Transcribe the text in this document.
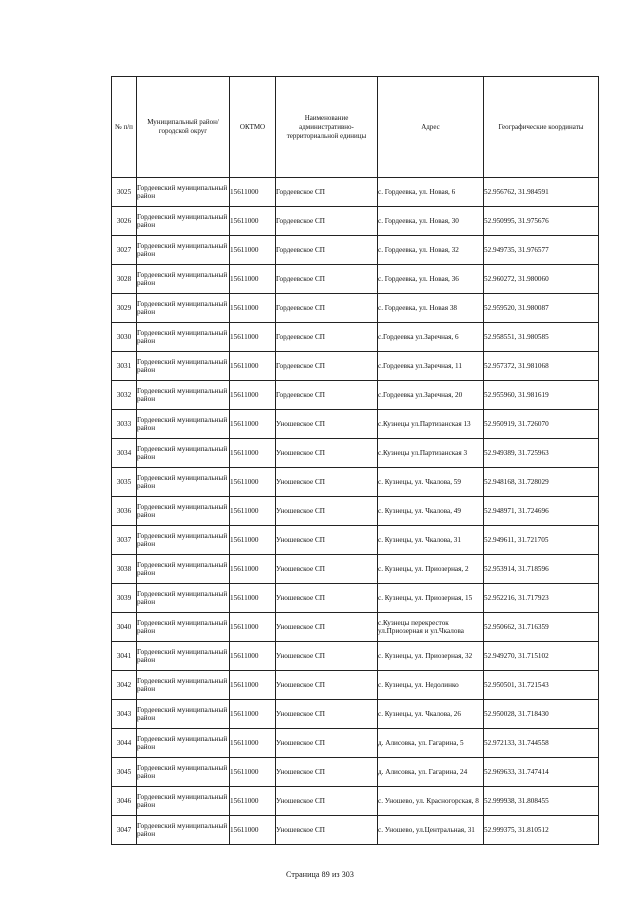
№ п/п	Муниципальный район/городской округ	ОКТМО	Наименование административно-территориальной единицы	Адрес	Географические координаты
3025	Гордеевский муниципальный район	15611000	Гордеевское СП	с. Гордеевка, ул. Новая, 6	52.956762, 31.984591
3026	Гордеевский муниципальный район	15611000	Гордеевское СП	с. Гордеевка, ул. Новая, 30	52.950995, 31.975676
3027	Гордеевский муниципальный район	15611000	Гордеевское СП	с. Гордеевка, ул. Новая, 32	52.949735, 31.976577
3028	Гордеевский муниципальный район	15611000	Гордеевское СП	с. Гордеевка, ул. Новая, 36	52.960272, 31.980060
3029	Гордеевский муниципальный район	15611000	Гордеевское СП	с. Гордеевка, ул. Новая 38	52.959520, 31.980087
3030	Гордеевский муниципальный район	15611000	Гордеевское СП	с.Гордеевка ул.Заречная, 6	52.958551, 31.980585
3031	Гордеевский муниципальный район	15611000	Гордеевское СП	с.Гордеевка ул.Заречная, 11	52.957372, 31.981068
3032	Гордеевский муниципальный район	15611000	Гордеевское СП	с.Гордеевка ул.Заречная, 20	52.955960, 31.981619
3033	Гордеевский муниципальный район	15611000	Уношевское СП	с.Кузнецы ул.Партизанская 13	52.950919, 31.726070
3034	Гордеевский муниципальный район	15611000	Уношевское СП	с.Кузнецы ул.Партизанская 3	52.949389, 31.725963
3035	Гордеевский муниципальный район	15611000	Уношевское СП	с. Кузнецы, ул. Чкалова, 59	52.948168, 31.728029
3036	Гордеевский муниципальный район	15611000	Уношевское СП	с. Кузнецы, ул. Чкалова, 49	52.948971, 31.724696
3037	Гордеевский муниципальный район	15611000	Уношевское СП	с. Кузнецы, ул. Чкалова, 31	52.949611, 31.721705
3038	Гордеевский муниципальный район	15611000	Уношевское СП	с. Кузнецы, ул. Приозерная, 2	52.953914, 31.718596
3039	Гордеевский муниципальный район	15611000	Уношевское СП	с. Кузнецы, ул. Приозерная, 15	52.952216, 31.717923
3040	Гордеевский муниципальный район	15611000	Уношевское СП	с.Кузнецы перекресток ул.Приозерная и ул.Чкалова	52.950662, 31.716359
3041	Гордеевский муниципальный район	15611000	Уношевское СП	с. Кузнецы, ул. Приозерная, 32	52.949270, 31.715102
3042	Гордеевский муниципальный район	15611000	Уношевское СП	с. Кузнецы, ул. Недолинко	52.950501, 31.721543
3043	Гордеевский муниципальный район	15611000	Уношевское СП	с. Кузнецы, ул. Чкалова, 26	52.950028, 31.718430
3044	Гордеевский муниципальный район	15611000	Уношевское СП	д. Алисовка, ул. Гагарина, 5	52.972133, 31.744558
3045	Гордеевский муниципальный район	15611000	Уношевское СП	д. Алисовка, ул. Гагарина, 24	52.969633, 31.747414
3046	Гордеевский муниципальный район	15611000	Уношевское СП	с. Уношево, ул. Красногорская, 8	52.999938, 31.808455
3047	Гордеевский муниципальный район	15611000	Уношевское СП	с. Уношево, ул.Центральная, 31	52.999375, 31.810512
Страница 89 из 303
